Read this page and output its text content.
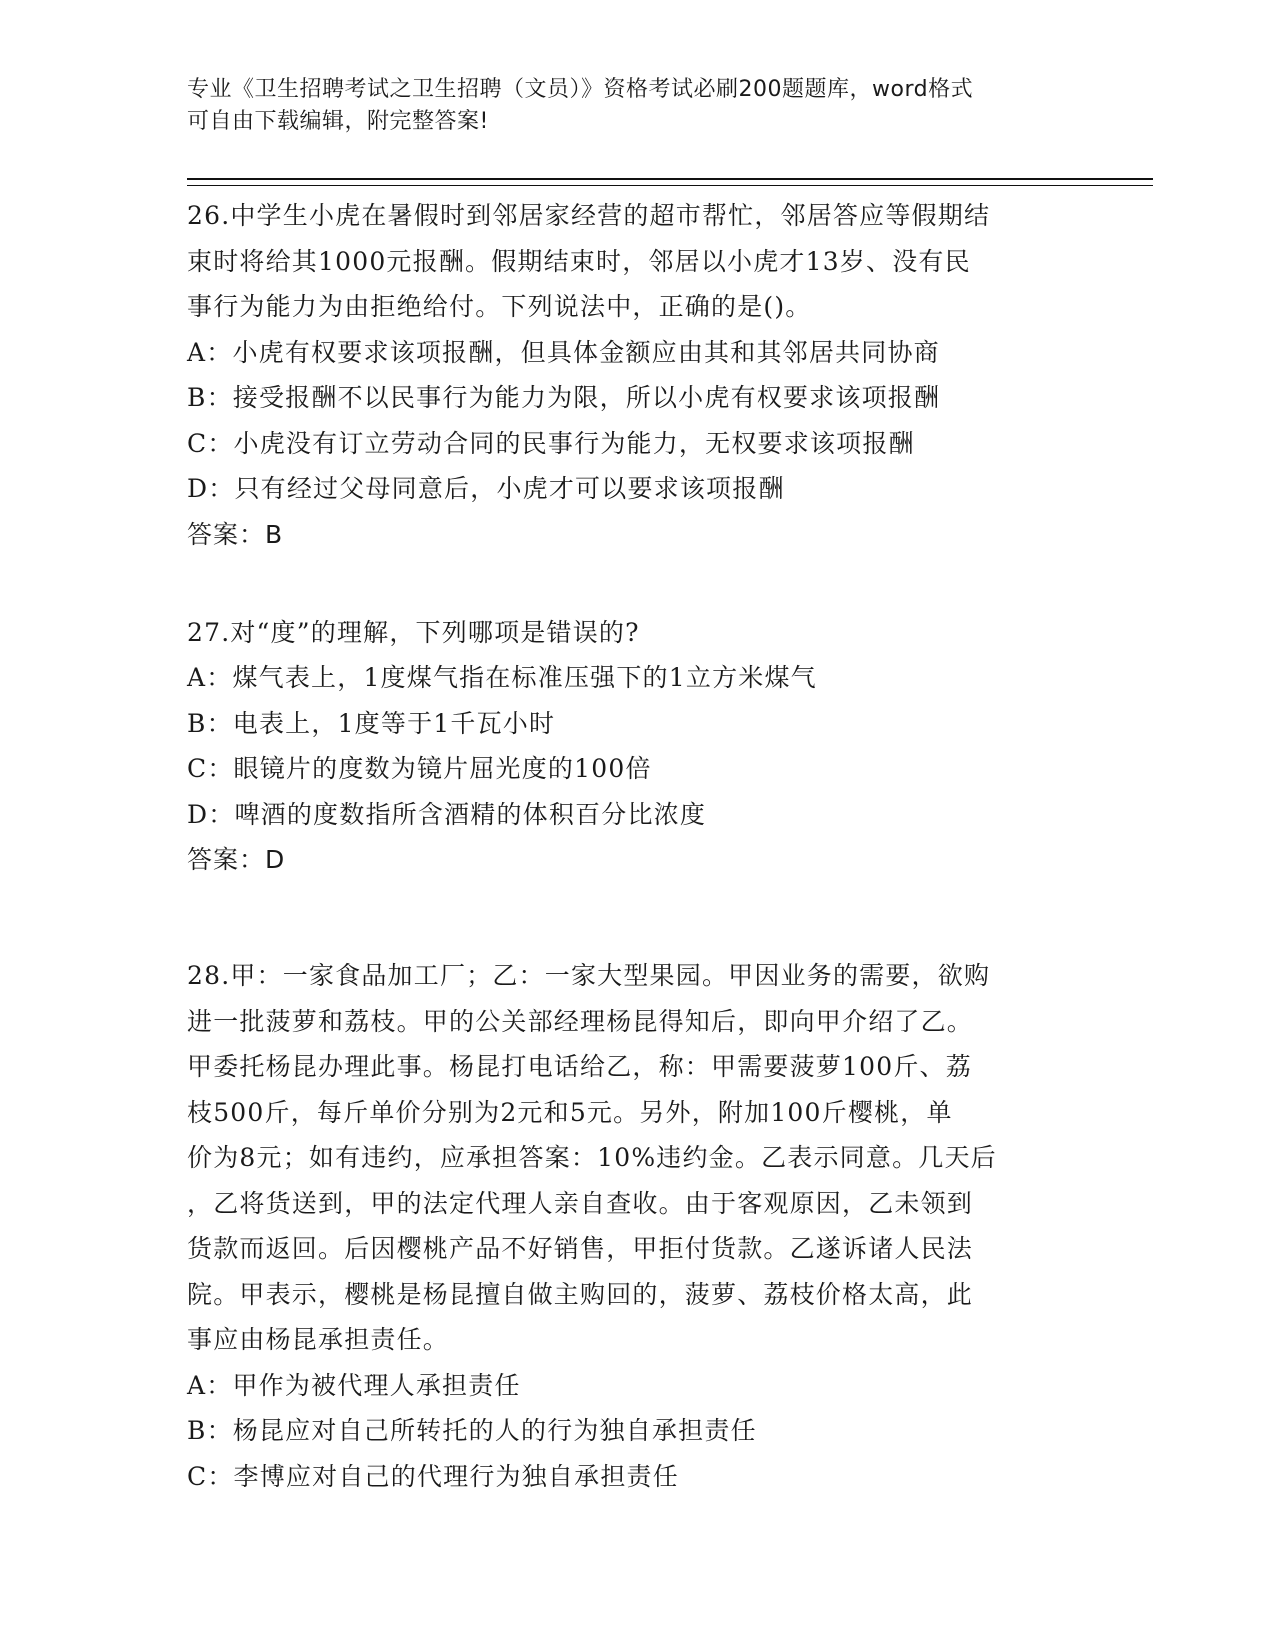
专业《卫生招聘考试之卫生招聘（文员）》资格考试必刷200题题库，word格式
可自由下载编辑，附完整答案!
26.中学生小虎在暑假时到邻居家经营的超市帮忙，邻居答应等假期结
束时将给其1000元报酬。假期结束时，邻居以小虎才13岁、没有民
事行为能力为由拒绝给付。下列说法中，正确的是()。
A：小虎有权要求该项报酬，但具体金额应由其和其邻居共同协商
B：接受报酬不以民事行为能力为限，所以小虎有权要求该项报酬
C：小虎没有订立劳动合同的民事行为能力，无权要求该项报酬
D：只有经过父母同意后，小虎才可以要求该项报酬
答案：B
27.对“度”的理解，下列哪项是错误的?
A：煤气表上，1度煤气指在标准压强下的1立方米煤气
B：电表上，1度等于1千瓦小时
C：眼镜片的度数为镜片屈光度的100倍
D：啤酒的度数指所含酒精的体积百分比浓度
答案：D
28.甲：一家食品加工厂；乙：一家大型果园。甲因业务的需要，欲购
进一批菠萝和荔枝。甲的公关部经理杨昆得知后，即向甲介绍了乙。
甲委托杨昆办理此事。杨昆打电话给乙，称：甲需要菠萝100斤、荔
枝500斤，每斤单价分别为2元和5元。另外，附加100斤樱桃，单
价为8元；如有违约，应承担答案：10%违约金。乙表示同意。几天后
，乙将货送到，甲的法定代理人亲自查收。由于客观原因，乙未领到
货款而返回。后因樱桃产品不好销售，甲拒付货款。乙遂诉诸人民法
院。甲表示，樱桃是杨昆擅自做主购回的，菠萝、荔枝价格太高，此
事应由杨昆承担责任。
A：甲作为被代理人承担责任
B：杨昆应对自己所转托的人的行为独自承担责任
C：李博应对自己的代理行为独自承担责任
